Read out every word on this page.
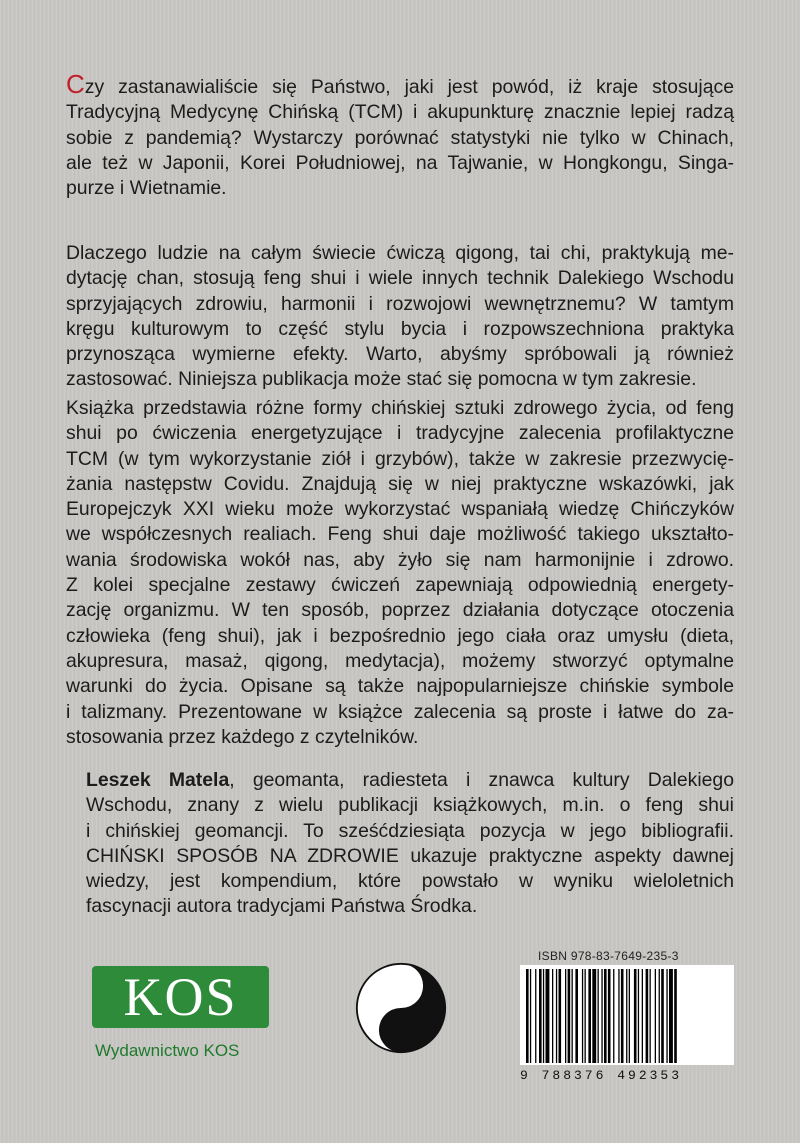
Czy zastanawialiście się Państwo, jaki jest powód, iż kraje stosujące
Tradycyjną Medycynę Chińską (TCM) i akupunkturę znacznie lepiej radzą
sobie z pandemią? Wystarczy porównać statystyki nie tylko w Chinach,
ale też w Japonii, Korei Południowej, na Tajwanie, w Hongkongu, Singa-
purze i Wietnamie.
Dlaczego ludzie na całym świecie ćwiczą qigong, tai chi, praktykują me-
dytację chan, stosują feng shui i wiele innych technik Dalekiego Wschodu
sprzyjających zdrowiu, harmonii i rozwojowi wewnętrznemu? W tamtym
kręgu kulturowym to część stylu bycia i rozpowszechniona praktyka
przynosząca wymierne efekty. Warto, abyśmy spróbowali ją również
zastosować. Niniejsza publikacja może stać się pomocna w tym zakresie.
Książka przedstawia różne formy chińskiej sztuki zdrowego życia, od feng
shui po ćwiczenia energetyzujące i tradycyjne zalecenia profilaktyczne
TCM (w tym wykorzystanie ziół i grzybów), także w zakresie przezwycię-
żania następstw Covidu. Znajdują się w niej praktyczne wskazówki, jak
Europejczyk XXI wieku może wykorzystać wspaniałą wiedzę Chińczyków
we współczesnych realiach. Feng shui daje możliwość takiego ukształto-
wania środowiska wokół nas, aby żyło się nam harmonijnie i zdrowo.
Z kolei specjalne zestawy ćwiczeń zapewniają odpowiednią energety-
zację organizmu. W ten sposób, poprzez działania dotyczące otoczenia
człowieka (feng shui), jak i bezpośrednio jego ciała oraz umysłu (dieta,
akupresura, masaż, qigong, medytacja), możemy stworzyć optymalne
warunki do życia. Opisane są także najpopularniejsze chińskie symbole
i talizmany. Prezentowane w książce zalecenia są proste i łatwe do za-
stosowania przez każdego z czytelników.
Leszek Matela, geomanta, radiesteta i znawca kultury Dalekiego
Wschodu, znany z wielu publikacji książkowych, m.in. o feng shui
i chińskiej geomancji. To sześćdziesiąta pozycja w jego bibliografii.
CHIŃSKI SPOSÓB NA ZDROWIE ukazuje praktyczne aspekty dawnej
wiedzy, jest kompendium, które powstało w wyniku wieloletnich
fascynacji autora tradycjami Państwa Środka.
KOS
Wydawnictwo KOS
ISBN 978-83-7649-235-3
9 788376 492353
